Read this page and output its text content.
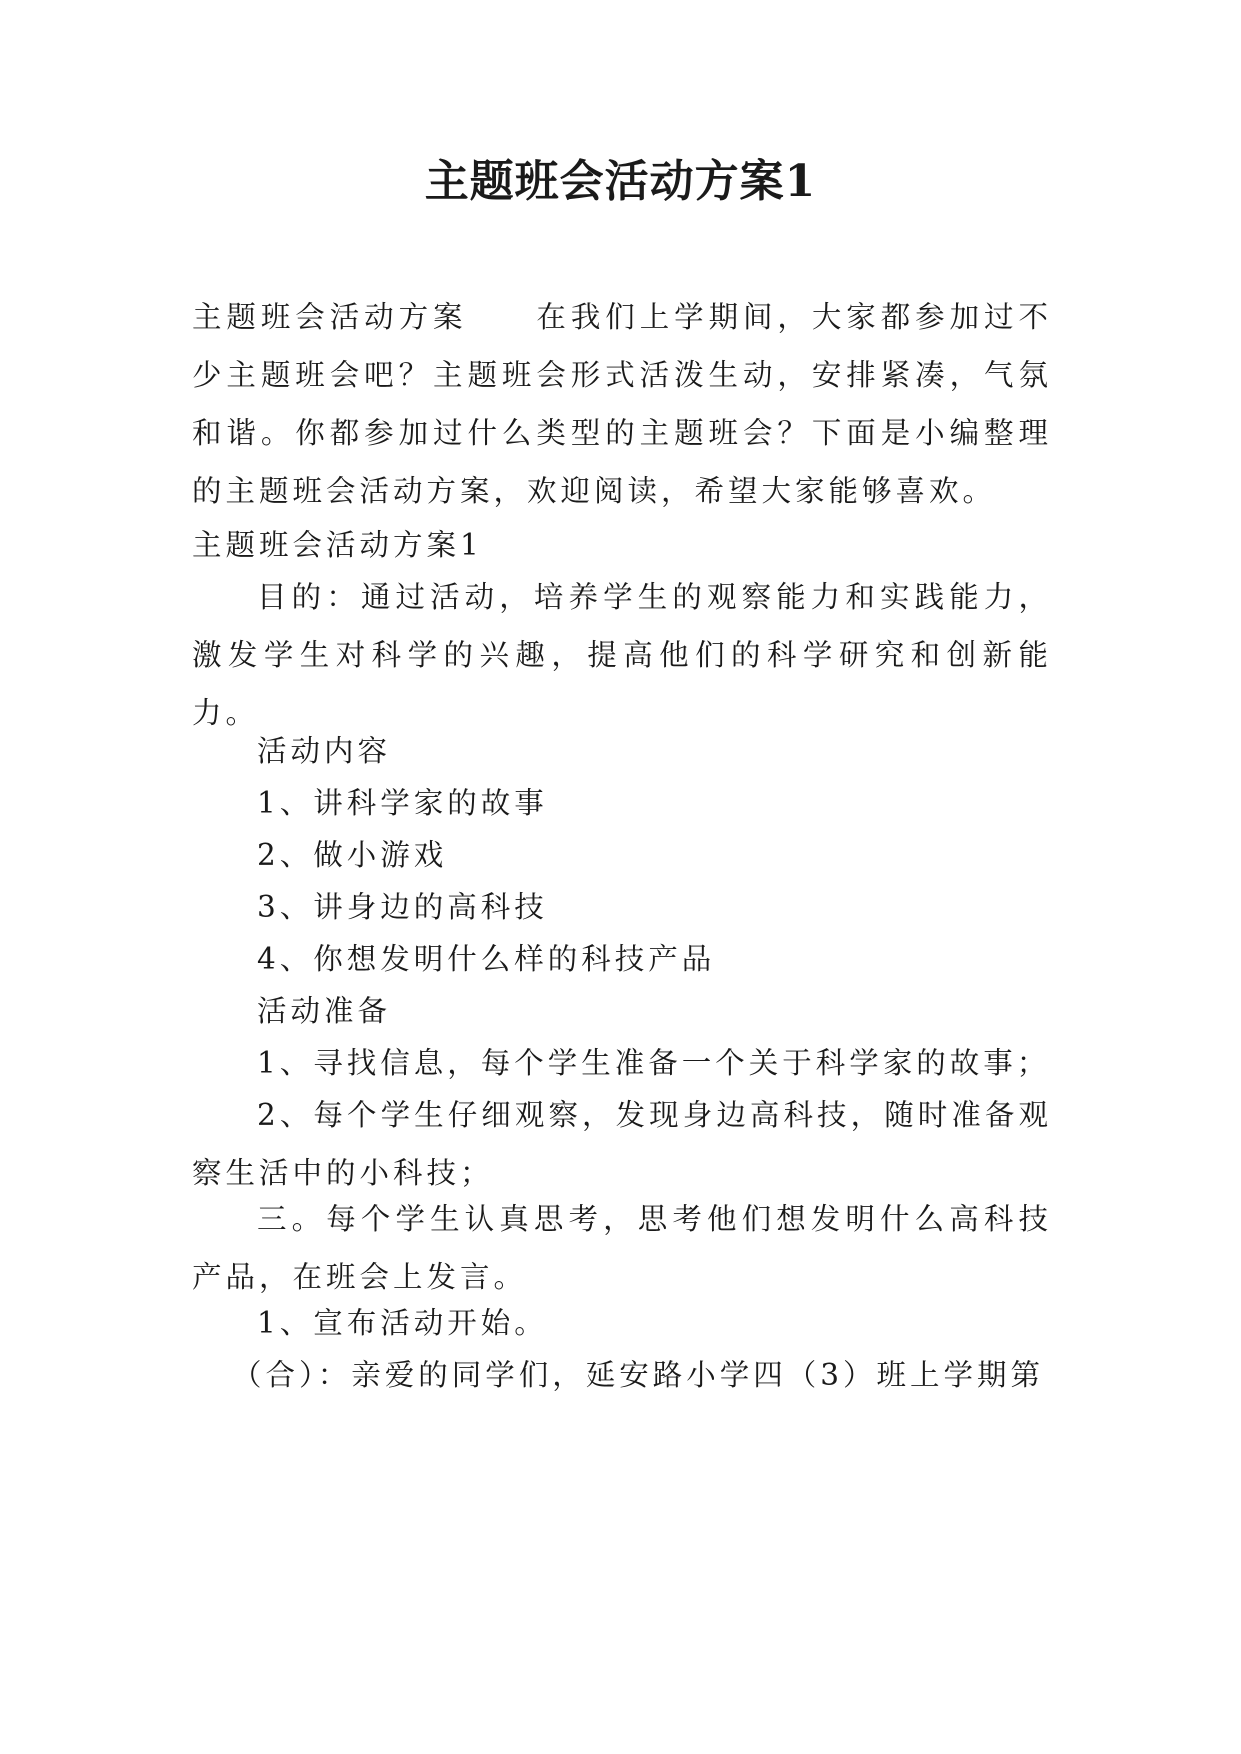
主题班会活动方案1

主题班会活动方案 在我们上学期间，大家都参加过不少主题班会吧？主题班会形式活泼生动，安排紧凑，气氛和谐。你都参加过什么类型的主题班会？下面是小编整理的主题班会活动方案，欢迎阅读，希望大家能够喜欢。

主题班会活动方案1

目的：通过活动，培养学生的观察能力和实践能力，激发学生对科学的兴趣，提高他们的科学研究和创新能力。

活动内容

1、讲科学家的故事

2、做小游戏

3、讲身边的高科技

4、你想发明什么样的科技产品

活动准备

1、寻找信息，每个学生准备一个关于科学家的故事；

2、每个学生仔细观察，发现身边高科技，随时准备观察生活中的小科技；

三。每个学生认真思考，思考他们想发明什么高科技产品，在班会上发言。

1、宣布活动开始。

（合）：亲爱的同学们，延安路小学四（3）班上学期第
